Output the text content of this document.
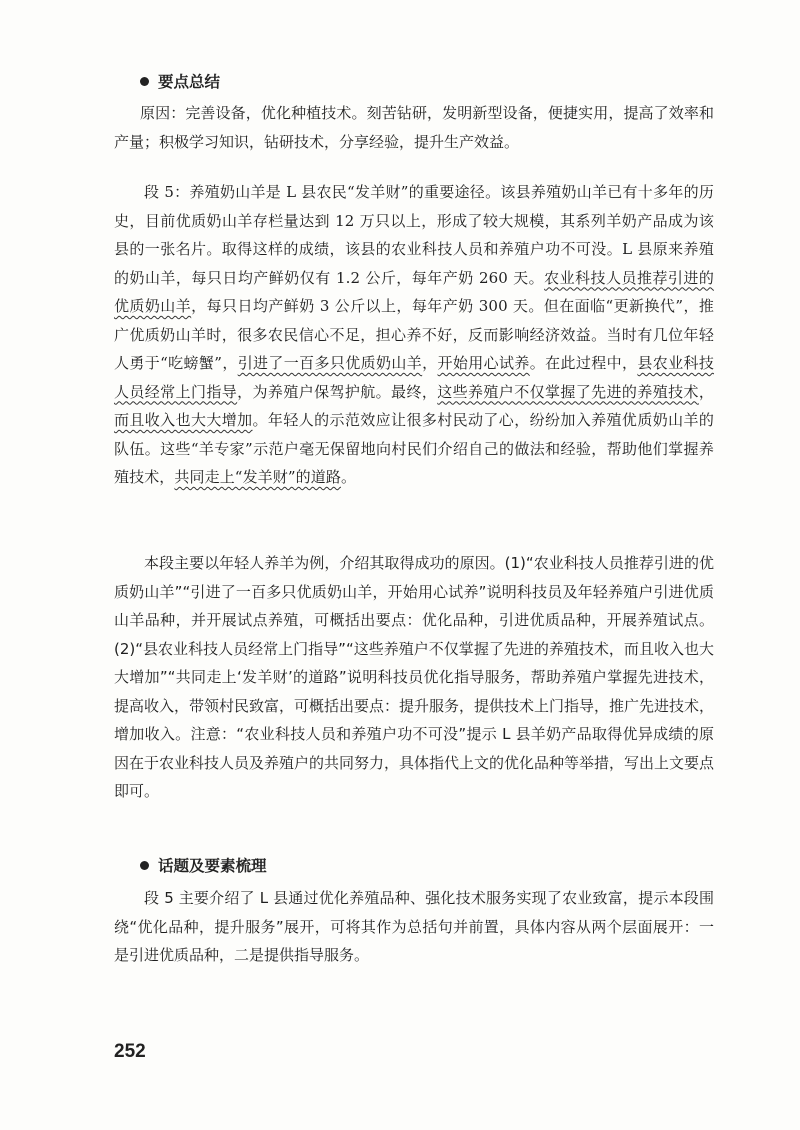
要点总结
原因：完善设备，优化种植技术。刻苦钻研，发明新型设备，便捷实用，提高了效率和产量；积极学习知识，钻研技术，分享经验，提升生产效益。
段 5：养殖奶山羊是 L 县农民“发羊财”的重要途径。该县养殖奶山羊已有十多年的历史，目前优质奶山羊存栏量达到 12 万只以上，形成了较大规模，其系列羊奶产品成为该县的一张名片。取得这样的成绩，该县的农业科技人员和养殖户功不可没。L 县原来养殖的奶山羊，每只日均产鲜奶仅有 1.2 公斤，每年产奶 260 天。农业科技人员推荐引进的优质奶山羊，每只日均产鲜奶 3 公斤以上，每年产奶 300 天。但在面临“更新换代”，推广优质奶山羊时，很多农民信心不足，担心养不好，反而影响经济效益。当时有几位年轻人勇于“吃螃蟹”，引进了一百多只优质奶山羊，开始用心试养。在此过程中，县农业科技人员经常上门指导，为养殖户保驾护航。最终，这些养殖户不仅掌握了先进的养殖技术，而且收入也大大增加。年轻人的示范效应让很多村民动了心，纷纷加入养殖优质奶山羊的队伍。这些“羊专家”示范户毫无保留地向村民们介绍自己的做法和经验，帮助他们掌握养殖技术，共同走上“发羊财”的道路。
本段主要以年轻人养羊为例，介绍其取得成功的原因。(1)“农业科技人员推荐引进的优质奶山羊”“引进了一百多只优质奶山羊，开始用心试养”说明科技员及年轻养殖户引进优质山羊品种，并开展试点养殖，可概括出要点：优化品种，引进优质品种，开展养殖试点。(2)“县农业科技人员经常上门指导”“这些养殖户不仅掌握了先进的养殖技术，而且收入也大大增加”“共同走上‘发羊财’的道路”说明科技员优化指导服务，帮助养殖户掌握先进技术，提高收入，带领村民致富，可概括出要点：提升服务，提供技术上门指导，推广先进技术，增加收入。注意：“农业科技人员和养殖户功不可没”提示 L 县羊奶产品取得优异成绩的原因在于农业科技人员及养殖户的共同努力，具体指代上文的优化品种等举措，写出上文要点即可。
话题及要素梳理
段 5 主要介绍了 L 县通过优化养殖品种、强化技术服务实现了农业致富，提示本段围绕“优化品种，提升服务”展开，可将其作为总括句并前置，具体内容从两个层面展开：一是引进优质品种，二是提供指导服务。
252
